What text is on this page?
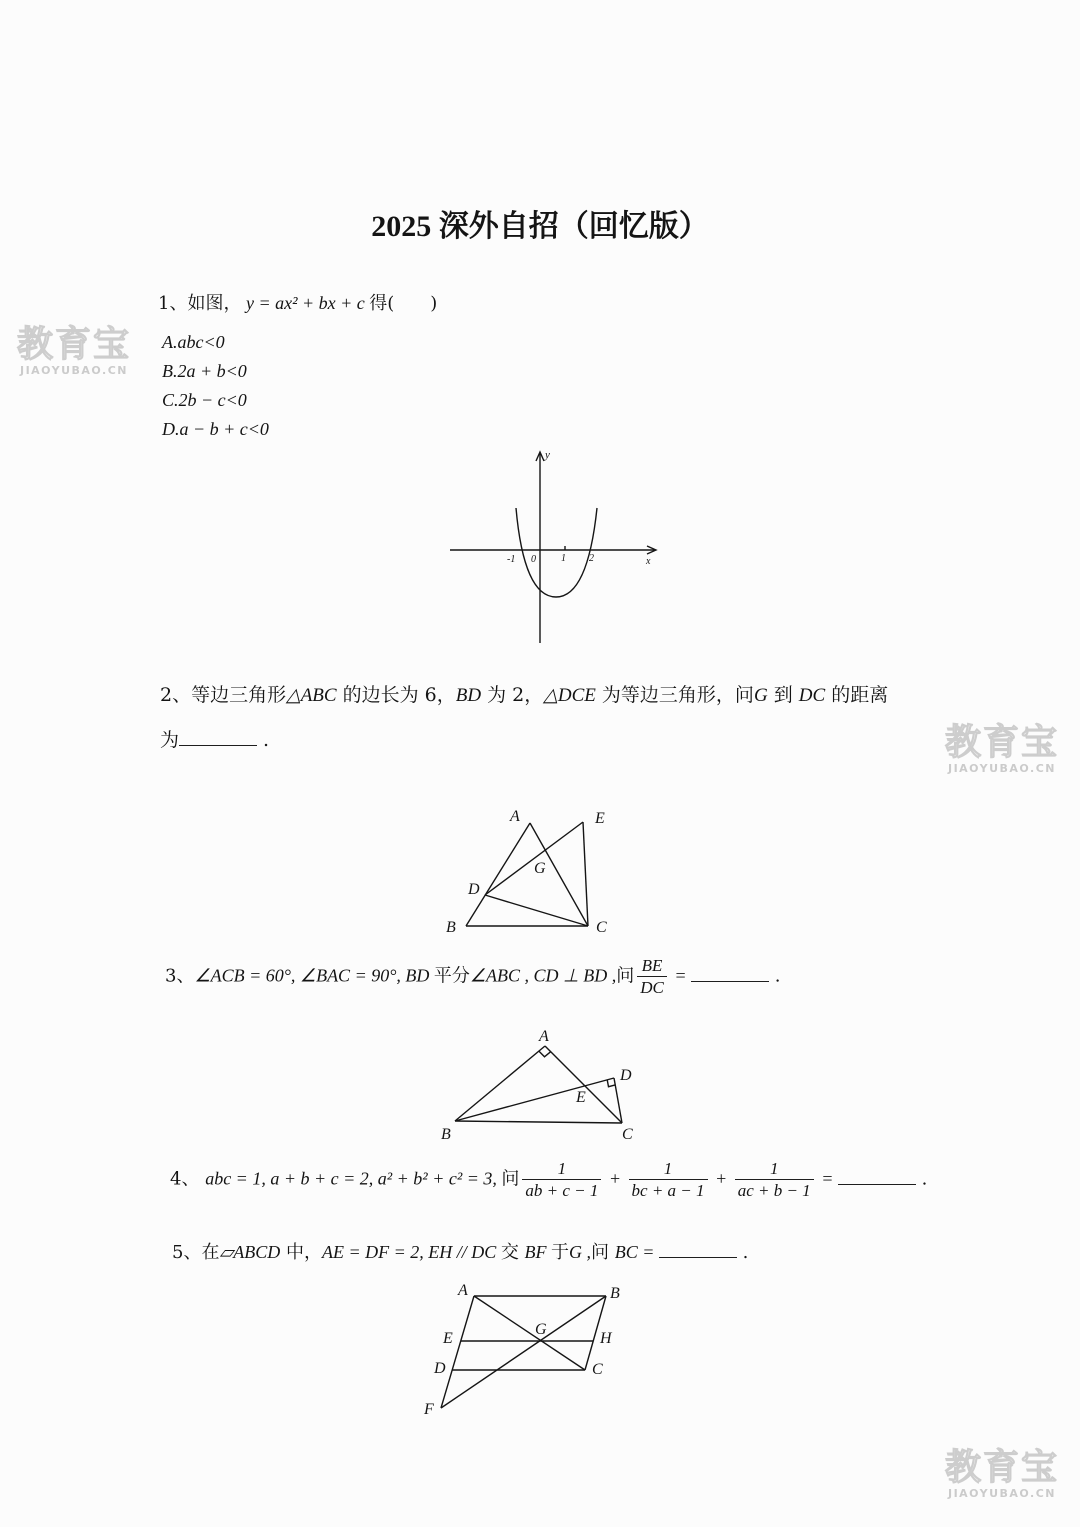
教育宝
JIAOYUBAO.CN
教育宝
JIAOYUBAO.CN
教育宝
JIAOYUBAO.CN
2025 深外自招（回忆版）
1、如图， y = ax² + bx + c 得(　　)
A.abc<0
B.2a + b<0
C.2b − c<0
D.a − b + c<0
y
x
-1 0	1 2
2、等边三角形△ABC 的边长为 6，BD 为 2，△DCE 为等边三角形，问G 到 DC 的距离
为	.
A	E
G
D
B	C
3、∠ACB = 60°, ∠BAC = 90°, BD 平分∠ABC , CD ⊥ BD ,问 $\frac{BE}{DC}$ =	.
A
D
E
B	C
4、 abc = 1, a + b + c = 2, a² + b² + c² = 3, 问 $\frac{1}{ab + c - 1} + \frac{1}{bc + a - 1} + \frac{1}{ac + b - 1}$ =	.
5、在▱ABCD 中，AE = DF = 2, EH // DC 交 BF 于G ,问 BC =	.
A	B
E
G
H
D	C
F
